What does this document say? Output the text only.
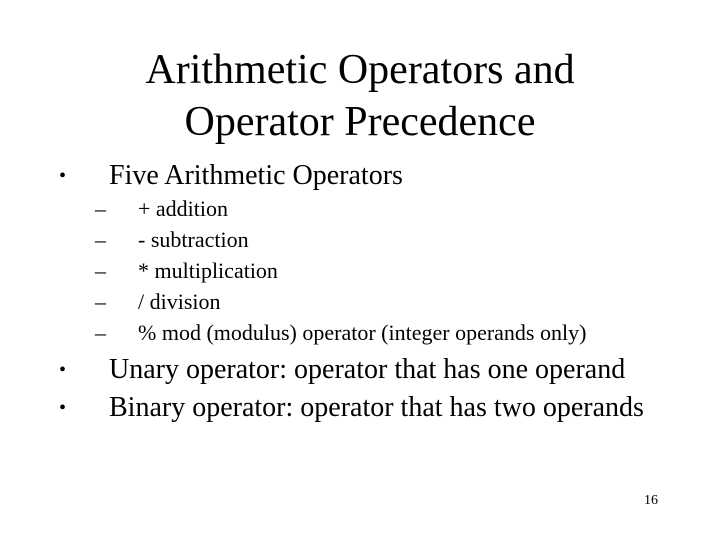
Arithmetic Operators and
Operator Precedence
• Five Arithmetic Operators
– + addition
– - subtraction
– * multiplication
– / division
– % mod (modulus) operator (integer operands only)
• Unary operator: operator that has one operand
• Binary operator: operator that has two operands
16
